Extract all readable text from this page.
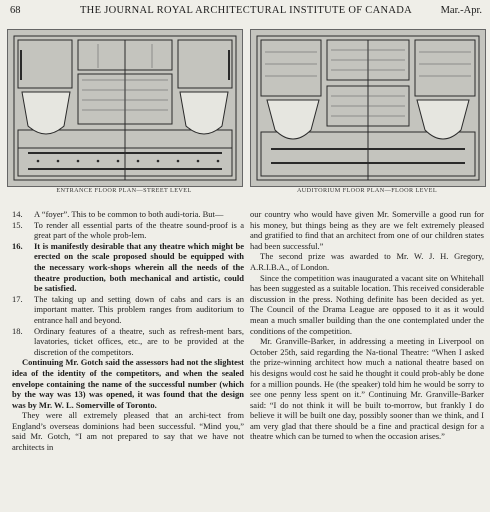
68	THE JOURNAL ROYAL ARCHITECTURAL INSTITUTE OF CANADA	Mar.-Apr.
ENTRANCE FLOOR PLAN—STREET LEVEL	AUDITORIUM FLOOR PLAN—FLOOR LEVEL
14. A “foyer”. This to be common to both audi-toria. But—
15. To render all essential parts of the theatre sound-proof is a great part of the whole prob-lem.
16. It is manifestly desirable that any theatre which might be erected on the scale proposed should be equipped with the necessary work-shops wherein all the needs of the theatre production, both mechanical and artistic, could be satisfied.
17. The taking up and setting down of cabs and cars is an important matter. This problem ranges from auditorium to entrance hall and beyond.
18. Ordinary features of a theatre, such as refresh-ment bars, lavatories, ticket offices, etc., are to be provided at the discretion of the competitors.

Continuing Mr. Gotch said the assessors had not the slightest idea of the identity of the competitors, and when the sealed envelope containing the name of the successful number (which by the way was 13) was opened, it was found that the design was by Mr. W. L. Somerville of Toronto.

They were all extremely pleased that an archi-tect from England’s overseas dominions had been successful. “Mind you,” said Mr. Gotch, “I am not prepared to say that we have not architects in

our country who would have given Mr. Somerville a good run for his money, but things being as they are we felt extremely pleased and gratified to find that an architect from one of our children states had been successful.”

The second prize was awarded to Mr. W. J. H. Gregory, A.R.I.B.A., of London.

Since the competition was inaugurated a vacant site on Whitehall has been suggested as a suitable location. This received considerable discussion in the press. Nothing definite has been decided as yet. The Council of the Drama League are opposed to it as it would mean a much smaller building than the one contemplated under the conditions of the competition.

Mr. Granville-Barker, in addressing a meeting in Liverpool on October 25th, said regarding the Na-tional Theatre: “When I asked the prize-winning architect how much a national theatre based on his designs would cost he said he thought it could prob-ably be done for a million pounds. He (the speaker) told him he would be sorry to see one penny less spent on it.” Continuing Mr. Granville-Barker said: “I do not think it will be built to-morrow, but frankly I do believe it will be built one day, possibly sooner than we think, and I am very glad that there should be a fine and practical design for a theatre which can be turned to when the occasion arises.”
